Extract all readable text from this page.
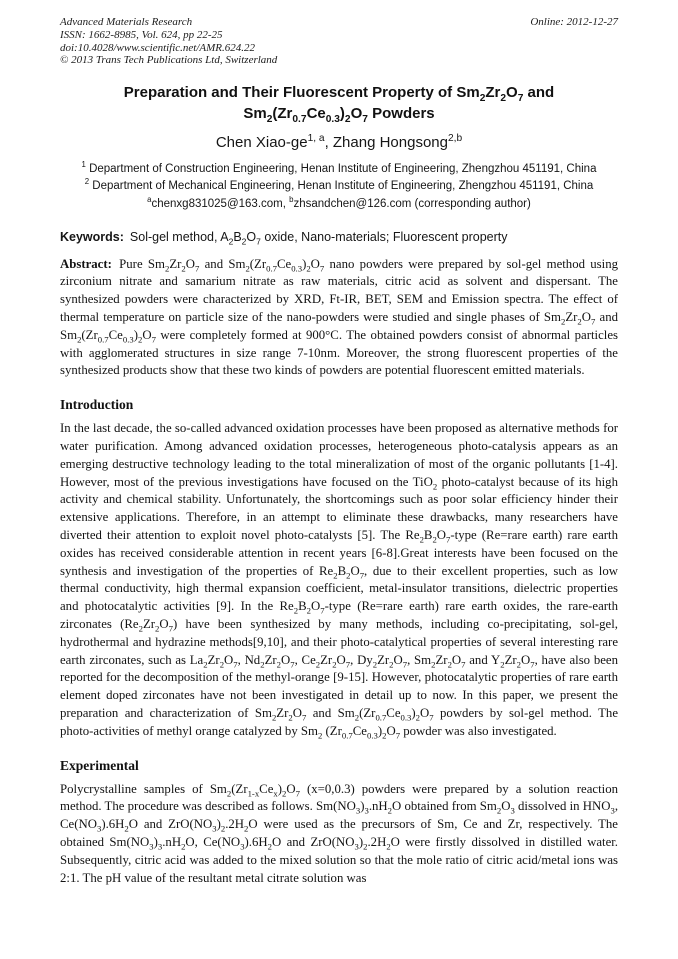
Advanced Materials Research	Online: 2012-12-27
ISSN: 1662-8985, Vol. 624, pp 22-25
doi:10.4028/www.scientific.net/AMR.624.22
© 2013 Trans Tech Publications Ltd, Switzerland
Preparation and Their Fluorescent Property of $Sm_2Zr_2O_7$ and
$Sm_2(Zr_{0.7}Ce_{0.3})_2O_7$ Powders
Chen Xiao-ge$^{1, a}$, Zhang Hongsong$^{2,b}$
$^1$ Department of Construction Engineering, Henan Institute of Engineering, Zhengzhou 451191, China
$^2$ Department of Mechanical Engineering, Henan Institute of Engineering, Zhengzhou 451191, China
$^a$chenxg831025@163.com, $^b$zhsandchen@126.com (corresponding author)
Keywords: Sol-gel method, $A_2B_2O_7$ oxide, Nano-materials; Fluorescent property
Abstract: Pure $Sm_2Zr_2O_7$ and $Sm_2(Zr_{0.7}Ce_{0.3})_2O_7$ nano powders were prepared by sol-gel method using zirconium nitrate and samarium nitrate as raw materials, citric acid as solvent and dispersant. The synthesized powders were characterized by XRD, Ft-IR, BET, SEM and Emission spectra. The effect of thermal temperature on particle size of the nano-powders were studied and single phases of $Sm_2Zr_2O_7$ and $Sm_2(Zr_{0.7}Ce_{0.3})_2O_7$ were completely formed at 900°C. The obtained powders consist of abnormal particles with agglomerated structures in size range 7-10nm. Moreover, the strong fluorescent properties of the synthesized products show that these two kinds of powders are potential fluorescent emitted materials.
Introduction
In the last decade, the so-called advanced oxidation processes have been proposed as alternative methods for water purification. Among advanced oxidation processes, heterogeneous photo-catalysis appears as an emerging destructive technology leading to the total mineralization of most of the organic pollutants [1-4]. However, most of the previous investigations have focused on the TiO$_2$ photo-catalyst because of its high activity and chemical stability. Unfortunately, the shortcomings such as poor solar efficiency hinder their extensive applications. Therefore, in an attempt to eliminate these drawbacks, many researchers have diverted their attention to exploit novel photo-catalysts [5]. The $Re_2B_2O_7$-type (Re=rare earth) rare earth oxides has received considerable attention in recent years [6-8].Great interests have been focused on the synthesis and investigation of the properties of $Re_2B_2O_7$, due to their excellent properties, such as low thermal conductivity, high thermal expansion coefficient, metal-insulator transitions, dielectric properties and photocatalytic activities [9]. In the $Re_2B_2O_7$-type (Re=rare earth) rare earth oxides, the rare-earth zirconates $(Re_2Zr_2O_7)$ have been synthesized by many methods, including co-precipitating, sol-gel, hydrothermal and hydrazine methods[9,10], and their photo-catalytical properties of several interesting rare earth zirconates, such as $La_2Zr_2O_7$, $Nd_2Zr_2O_7$, $Ce_2Zr_2O_7$, $Dy_2Zr_2O_7$, $Sm_2Zr_2O_7$ and $Y_2Zr_2O_7$, have also been reported for the decomposition of the methyl-orange [9-15]. However, photocatalytic properties of rare earth element doped zirconates have not been investigated in detail up to now. In this paper, we present the preparation and characterization of $Sm_2Zr_2O_7$ and $Sm_2(Zr_{0.7}Ce_{0.3})_2O_7$ powders by sol-gel method. The photo-activities of methyl orange catalyzed by $Sm_2$ $(Zr_{0.7}Ce_{0.3})_2O_7$ powder was also investigated.
Experimental
Polycrystalline samples of $Sm_2(Zr_{1-x}Ce_x)_2O_7$ (x=0,0.3) powders were prepared by a solution reaction method. The procedure was described as follows. $Sm(NO_3)_3.nH_2O$ obtained from $Sm_2O_3$ dissolved in $HNO_3$, $Ce(NO_3).6H_2O$ and $ZrO(NO_3)_2.2H_2O$ were used as the precursors of Sm, Ce and Zr, respectively. The obtained $Sm(NO_3)_3.nH_2O$, $Ce(NO_3).6H_2O$ and $ZrO(NO_3)_2.2H_2O$ were firstly dissolved in distilled water. Subsequently, citric acid was added to the mixed solution so that the mole ratio of citric acid/metal ions was 2:1. The pH value of the resultant metal citrate solution was
